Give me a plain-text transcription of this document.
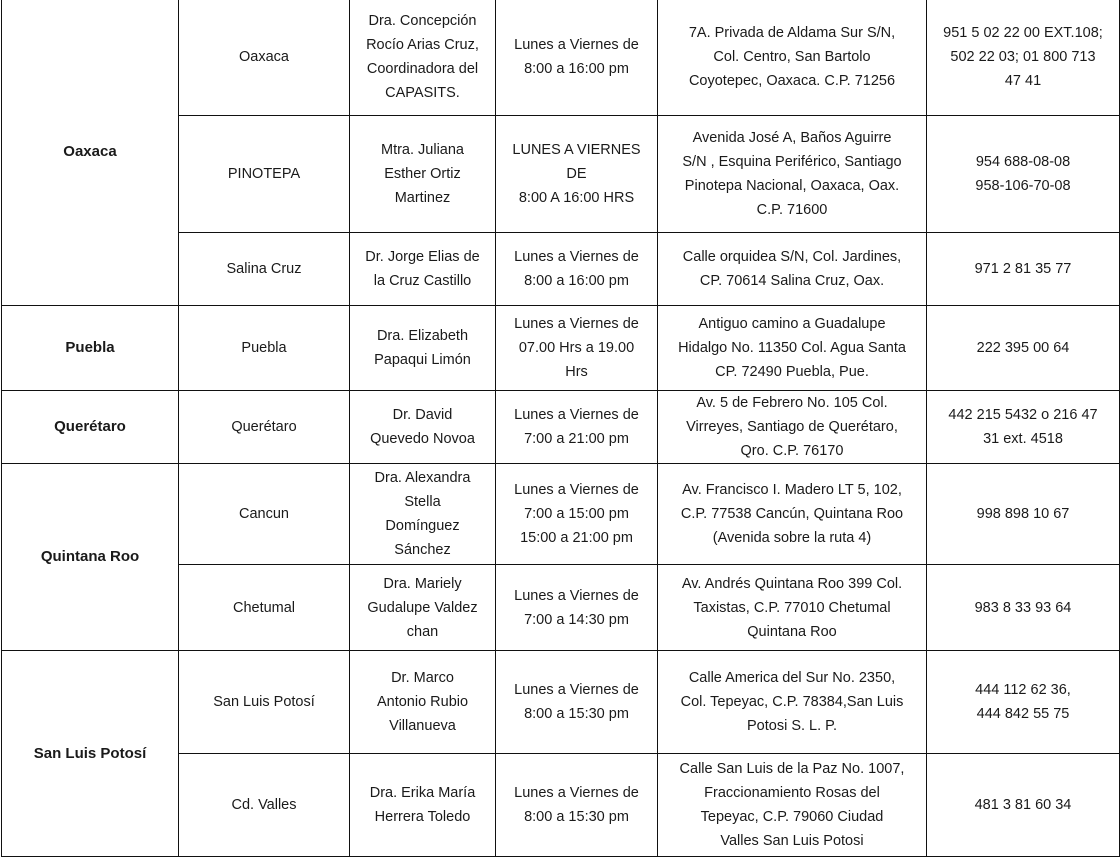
Oaxaca	Oaxaca	Dra. Concepción
Rocío Arias Cruz,
Coordinadora del
CAPASITS.	Lunes a Viernes de
8:00 a 16:00 pm	7A. Privada de Aldama Sur S/N,
Col. Centro, San Bartolo
Coyotepec, Oaxaca. C.P. 71256	951 5 02 22 00 EXT.108;
502 22 03; 01 800 713
47 41

	PINOTEPA	Mtra. Juliana
Esther Ortiz
Martinez	LUNES A VIERNES
DE
8:00 A 16:00 HRS	Avenida José A, Baños Aguirre
S/N , Esquina Periférico, Santiago
Pinotepa Nacional, Oaxaca, Oax.
C.P. 71600	954 688-08-08
958-106-70-08

	Salina Cruz	Dr. Jorge Elias de
la Cruz Castillo	Lunes a Viernes de
8:00 a 16:00 pm	Calle orquidea S/N, Col. Jardines,
CP. 70614 Salina Cruz, Oax.	971 2 81 35 77

Puebla	Puebla	Dra. Elizabeth
Papaqui Limón	Lunes a Viernes de
07.00 Hrs a 19.00
Hrs	Antiguo camino a Guadalupe
Hidalgo No. 11350 Col. Agua Santa
CP. 72490 Puebla, Pue.	222 395 00 64

Querétaro	Querétaro	Dr. David
Quevedo Novoa	Lunes a Viernes de
7:00 a 21:00 pm	Av. 5 de Febrero No. 105 Col.
Virreyes, Santiago de Querétaro,
Qro. C.P. 76170	442 215 5432 o 216 47
31 ext. 4518

Quintana Roo	Cancun	Dra. Alexandra
Stella
Domínguez
Sánchez	Lunes a Viernes de
7:00 a 15:00 pm
15:00 a 21:00 pm	Av. Francisco I. Madero LT 5, 102,
C.P. 77538 Cancún, Quintana Roo
(Avenida sobre la ruta 4)	998 898 10 67

	Chetumal	Dra. Mariely
Gudalupe Valdez
chan	Lunes a Viernes de
7:00 a 14:30 pm	Av. Andrés Quintana Roo 399 Col.
Taxistas, C.P. 77010 Chetumal
Quintana Roo	983 8 33 93 64

San Luis Potosí	San Luis Potosí	Dr. Marco
Antonio Rubio
Villanueva	Lunes a Viernes de
8:00 a 15:30 pm	Calle America del Sur No. 2350,
Col. Tepeyac, C.P. 78384,San Luis
Potosi S. L. P.	444 112 62 36,
444 842 55 75

	Cd. Valles	Dra. Erika María
Herrera Toledo	Lunes a Viernes de
8:00 a 15:30 pm	Calle San Luis de la Paz No. 1007,
Fraccionamiento Rosas del
Tepeyac, C.P. 79060 Ciudad
Valles San Luis Potosi	481 3 81 60 34
